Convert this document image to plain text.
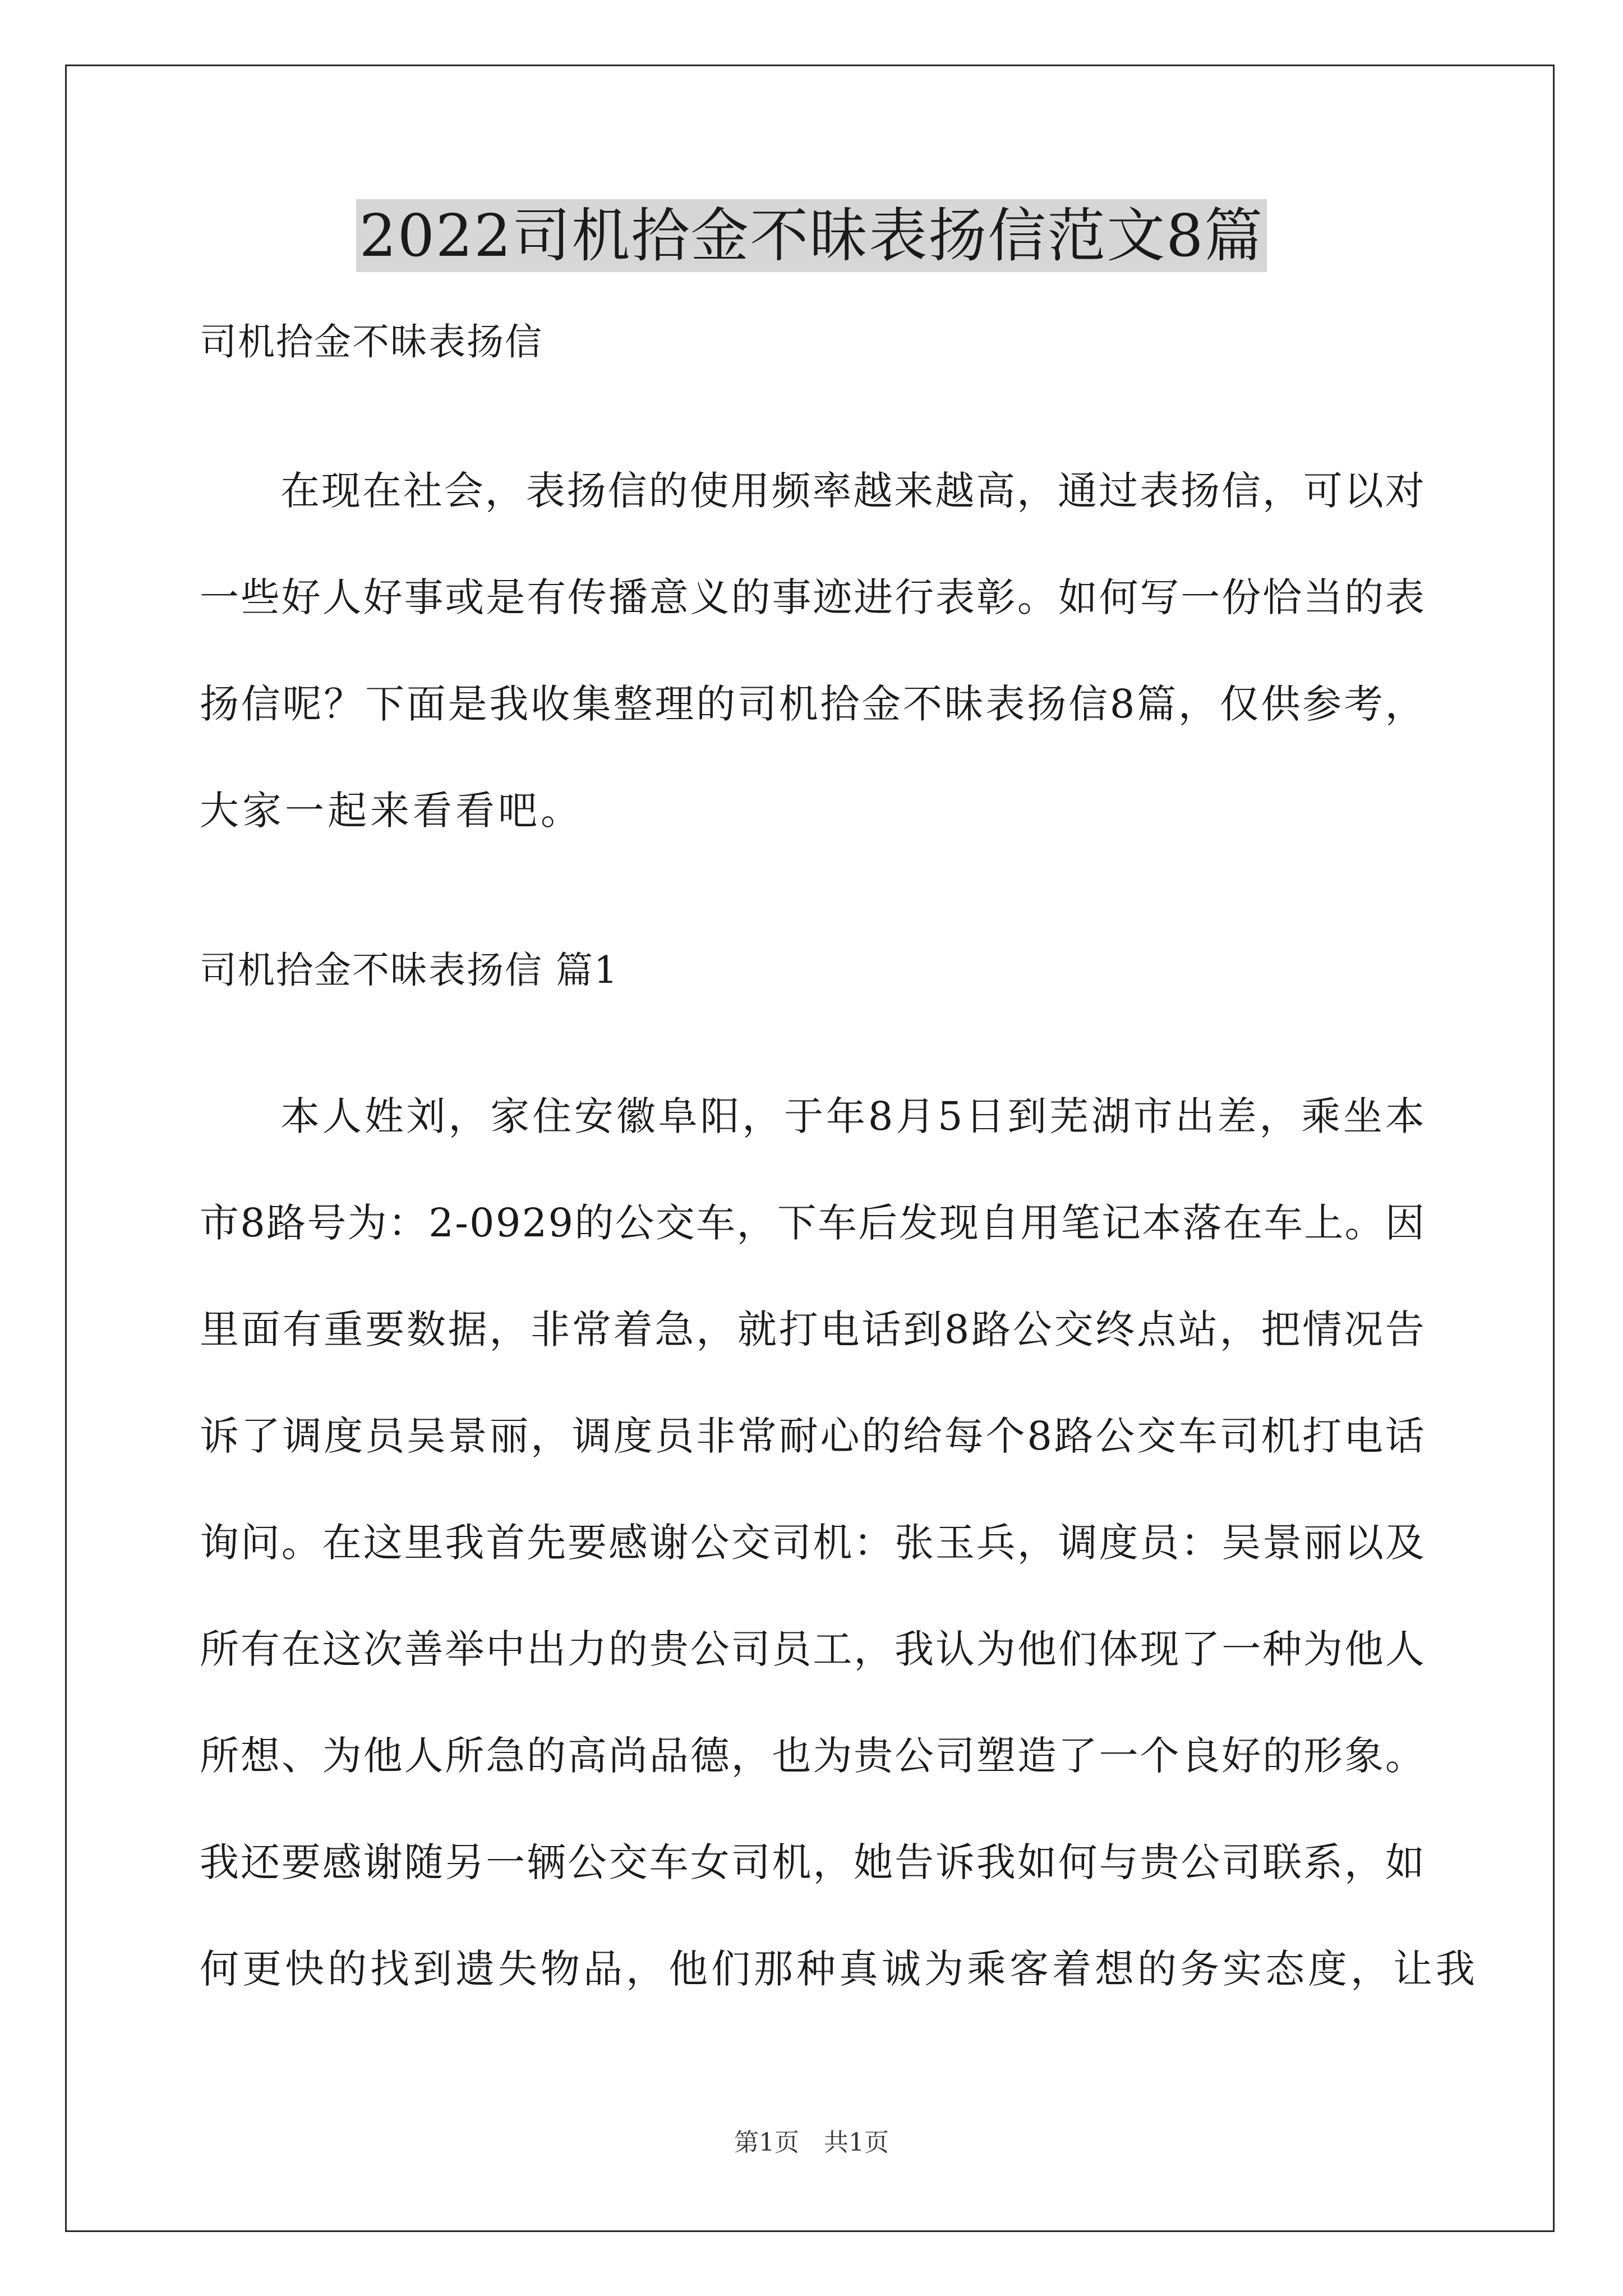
2022司机拾金不昧表扬信范文8篇
司机拾金不昧表扬信
在 现 在 社 会 ， 表 扬 信 的 使 用 频 率 越 来 越 高 ， 通 过 表 扬 信 ， 可 以 对
一 些 好 人 好 事 或 是 有 传 播 意 义 的 事 迹 进 行 表 彰 。 如 何 写 一 份 恰 当 的 表
扬 信 呢 ？ 下 面 是 我 收 集 整 理 的 司 机 拾 金 不 昧 表 扬 信 8 篇 ， 仅 供 参 考 ，
大 家 一 起 来 看 看 吧 。
司机拾金不昧表扬信 篇1
本 人 姓 刘 ， 家 住 安 徽 阜 阳 ， 于 年 8 月 5 日 到 芜 湖 市 出 差 ， 乘 坐 本
市 8 路 号 为 ： 2 - 0 9 2 9 的 公 交 车 ， 下 车 后 发 现 自 用 笔 记 本 落 在 车 上 。 因
里 面 有 重 要 数 据 ， 非 常 着 急 ， 就 打 电 话 到 8 路 公 交 终 点 站 ， 把 情 况 告
诉 了 调 度 员 吴 景 丽 ， 调 度 员 非 常 耐 心 的 给 每 个 8 路 公 交 车 司 机 打 电 话
询 问 。 在 这 里 我 首 先 要 感 谢 公 交 司 机 ： 张 玉 兵 ， 调 度 员 ： 吴 景 丽 以 及
所 有 在 这 次 善 举 中 出 力 的 贵 公 司 员 工 ， 我 认 为 他 们 体 现 了 一 种 为 他 人
所 想 、 为 他 人 所 急 的 高 尚 品 德 ， 也 为 贵 公 司 塑 造 了 一 个 良 好 的 形 象 。
我 还 要 感 谢 随 另 一 辆 公 交 车 女 司 机 ， 她 告 诉 我 如 何 与 贵 公 司 联 系 ， 如
何 更 快 的 找 到 遗 失 物 品 ， 他 们 那 种 真 诚 为 乘 客 着 想 的 务 实 态 度 ， 让 我
第1页　共1页
